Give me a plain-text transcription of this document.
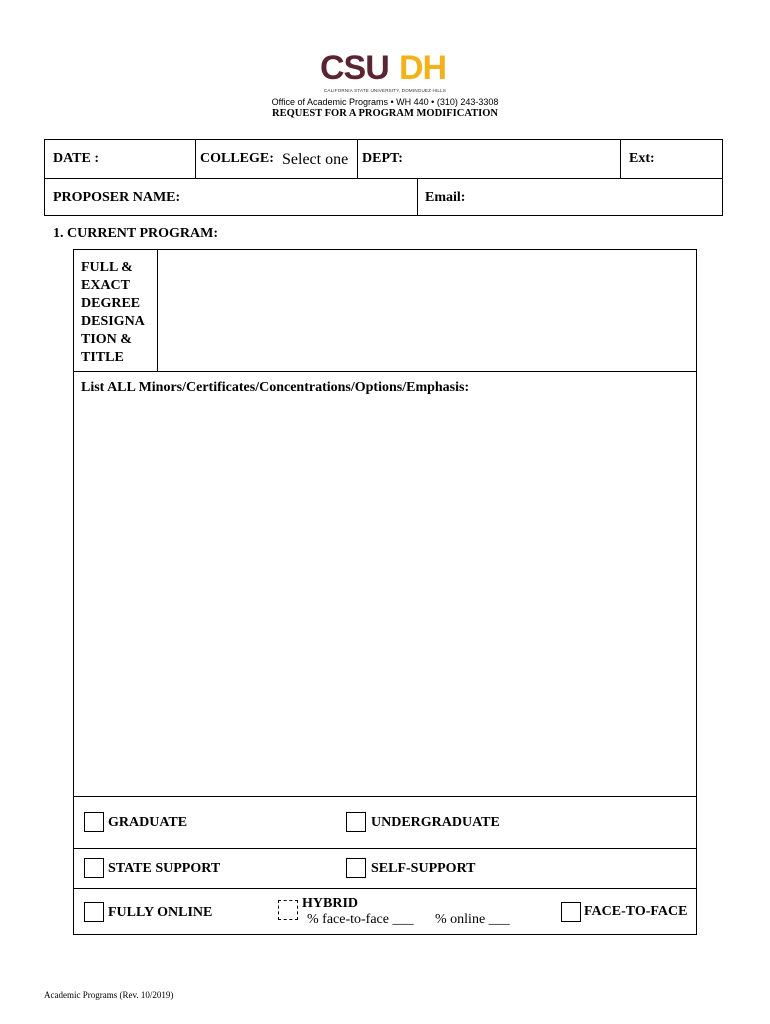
CSU DH
CALIFORNIA STATE UNIVERSITY, DOMINGUEZ HILLS
Office of Academic Programs • WH 440 • (310) 243-3308
REQUEST FOR A PROGRAM MODIFICATION
DATE :	COLLEGE: Select one DEPT:	Ext:
PROPOSER NAME:	Email:
1. CURRENT PROGRAM:
FULL &
EXACT
DEGREE
DESIGNA
TION &
TITLE
List ALL Minors/Certificates/Concentrations/Options/Emphasis:
GRADUATE	UNDERGRADUATE
STATE SUPPORT	SELF-SUPPORT
FULLY ONLINE
HYBRID
% face-to-face ___ % online ___
FACE-TO-FACE
Academic Programs (Rev. 10/2019)
